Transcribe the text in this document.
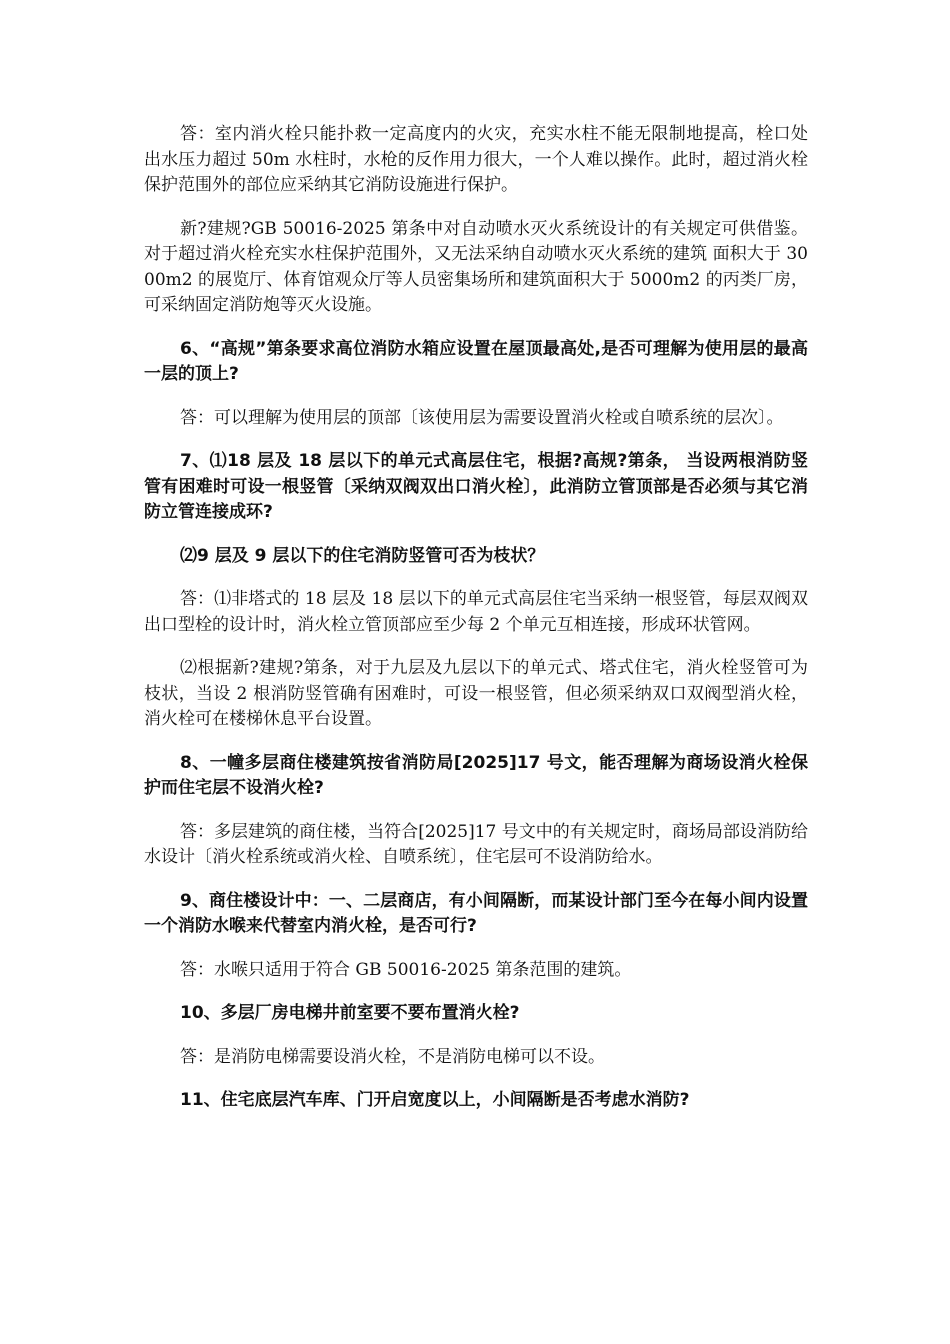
答：室内消火栓只能扑救一定高度内的火灾，充实水柱不能无限制地提高，栓口处出水压力超过 50m 水柱时，水枪的反作用力很大，一个人难以操作。此时，超过消火栓保护范围外的部位应采纳其它消防设施进行保护。

新?建规?GB 50016-2025 第条中对自动喷水灭火系统设计的有关规定可供借鉴。对于超过消火栓充实水柱保护范围外，又无法采纳自动喷水灭火系统的建筑 面积大于 3000m2 的展览厅、体育馆观众厅等人员密集场所和建筑面积大于 5000m2 的丙类厂房，可采纳固定消防炮等灭火设施。

6、“高规”第条要求高位消防水箱应设置在屋顶最高处,是否可理解为使用层的最高一层的顶上?

答：可以理解为使用层的顶部〔该使用层为需要设置消火栓或自喷系统的层次〕。

7、⑴18 层及 18 层以下的单元式高层住宅，根据?高规?第条， 当设两根消防竖管有困难时可设一根竖管〔采纳双阀双出口消火栓〕，此消防立管顶部是否必须与其它消防立管连接成环?

⑵9 层及 9 层以下的住宅消防竖管可否为枝状？

答：⑴非塔式的 18 层及 18 层以下的单元式高层住宅当采纳一根竖管，每层双阀双出口型栓的设计时，消火栓立管顶部应至少每 2 个单元互相连接，形成环状管网。

⑵根据新?建规?第条，对于九层及九层以下的单元式、塔式住宅，消火栓竖管可为枝状，当设 2 根消防竖管确有困难时，可设一根竖管，但必须采纳双口双阀型消火栓，消火栓可在楼梯休息平台设置。

8、一幢多层商住楼建筑按省消防局[2025]17 号文，能否理解为商场设消火栓保护而住宅层不设消火栓?

答：多层建筑的商住楼，当符合[2025]17 号文中的有关规定时，商场局部设消防给水设计〔消火栓系统或消火栓、自喷系统〕，住宅层可不设消防给水。

9、商住楼设计中：一、二层商店，有小间隔断，而某设计部门至今在每小间内设置一个消防水喉来代替室内消火栓，是否可行?

答：水喉只适用于符合 GB 50016-2025 第条范围的建筑。

10、多层厂房电梯井前室要不要布置消火栓?

答：是消防电梯需要设消火栓，不是消防电梯可以不设。

11、住宅底层汽车库、门开启宽度以上，小间隔断是否考虑水消防?
